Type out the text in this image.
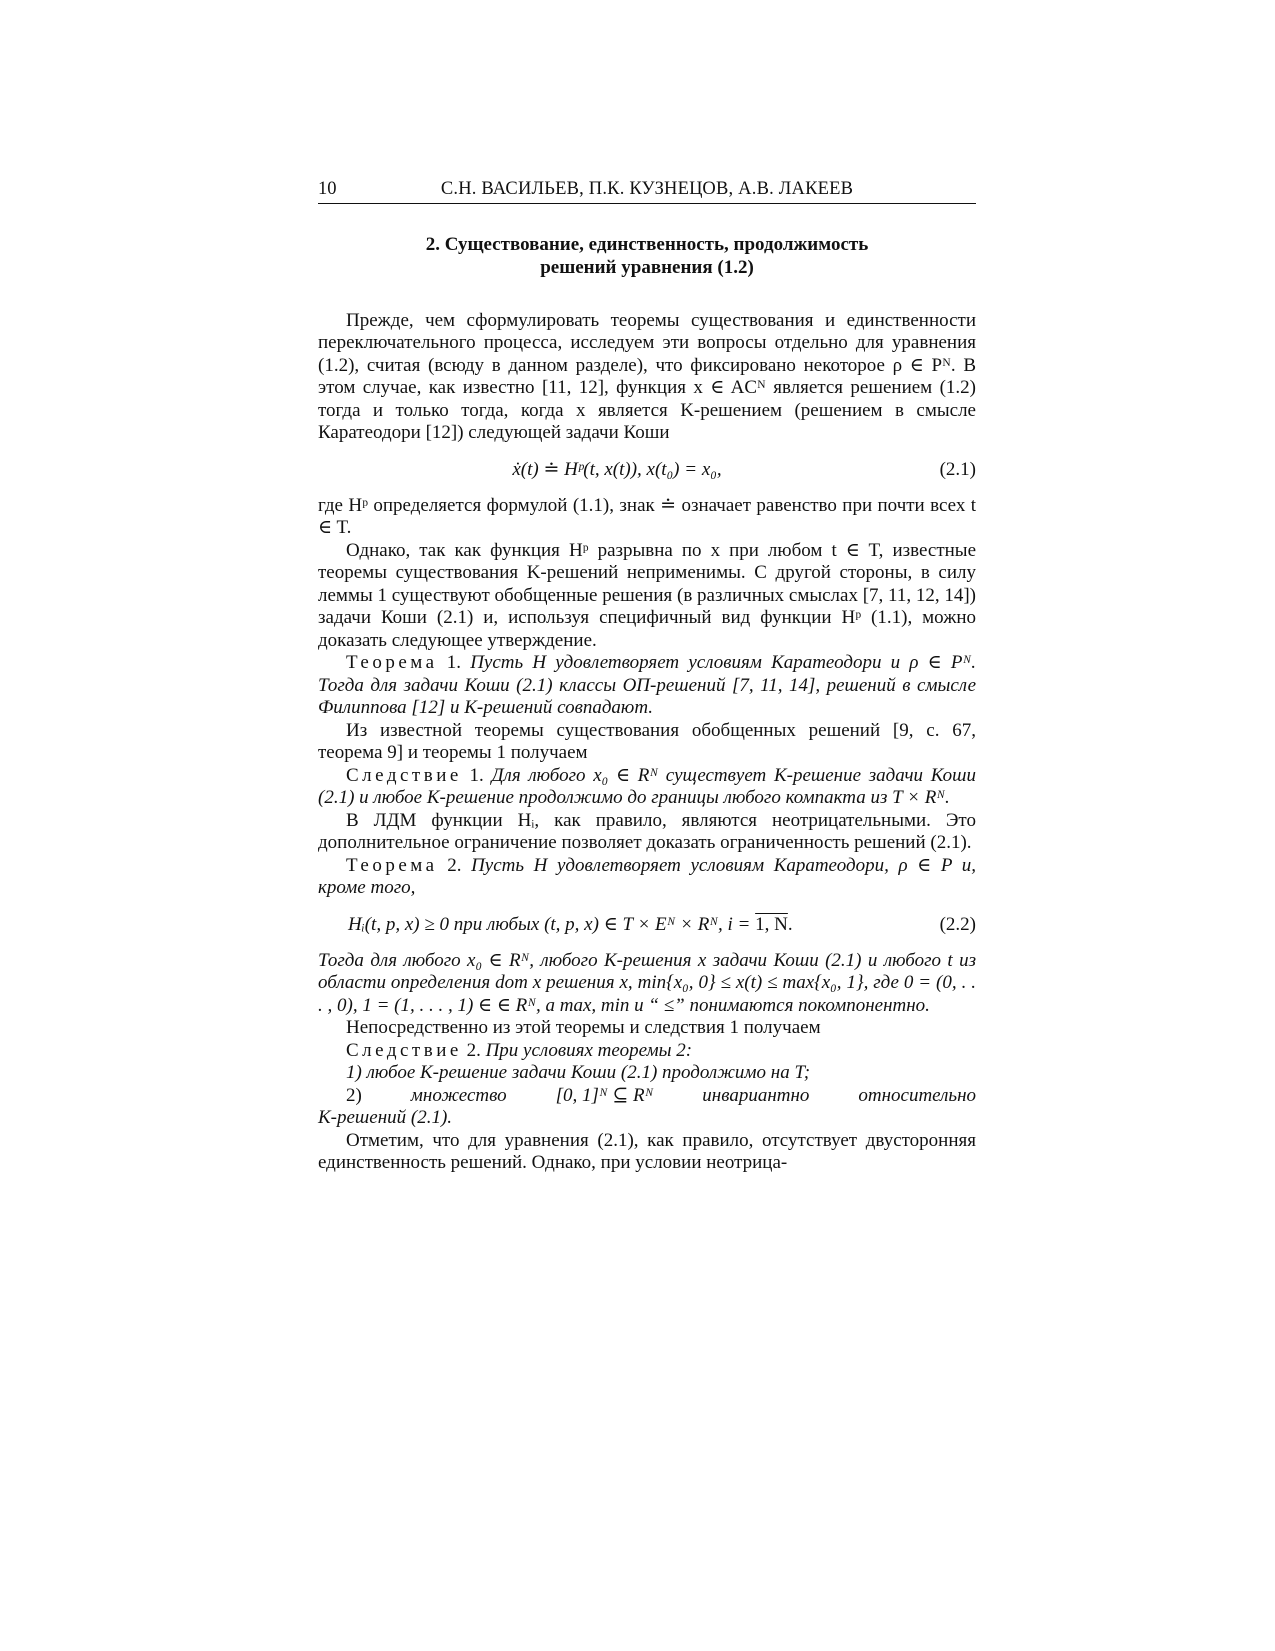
10	С.Н. ВАСИЛЬЕВ, П.К. КУЗНЕЦОВ, А.В. ЛАКЕЕВ
2. Существование, единственность, продолжимость
решений уравнения (1.2)

Прежде, чем сформулировать теоремы существования и единственности переключательного процесса, исследуем эти вопросы отдельно для уравнения (1.2), считая (всюду в данном разделе), что фиксировано некоторое ρ ∈ Pᴺ. В этом случае, как известно [11, 12], функция x ∈ ACᴺ является решением (1.2) тогда и только тогда, когда x является K-решением (решением в смысле Каратеодори [12]) следующей задачи Коши

ẋ(t) ≐ Hᵖ(t, x(t)), x(t₀) = x₀,	(2.1)

где Hᵖ определяется формулой (1.1), знак ≐ означает равенство при почти всех t ∈ T.

Однако, так как функция Hᵖ разрывна по x при любом t ∈ T, известные теоремы существования K-решений неприменимы. С другой стороны, в силу леммы 1 существуют обобщенные решения (в различных смыслах [7, 11, 12, 14]) задачи Коши (2.1) и, используя специфичный вид функции Hᵖ (1.1), можно доказать следующее утверждение.

Теорема 1. Пусть H удовлетворяет условиям Каратеодори и ρ ∈ Pᴺ. Тогда для задачи Коши (2.1) классы OП-решений [7, 11, 14], решений в смысле Филиппова [12] и K-решений совпадают.

Из известной теоремы существования обобщенных решений [9, с. 67, теорема 9] и теоремы 1 получаем

Следствие 1. Для любого x₀ ∈ Rᴺ существует K-решение задачи Коши (2.1) и любое K-решение продолжимо до границы любого компакта из T × Rᴺ.

В ЛДМ функции Hᵢ, как правило, являются неотрицательными. Это дополнительное ограничение позволяет доказать ограниченность решений (2.1).

Теорема 2. Пусть H удовлетворяет условиям Каратеодори, ρ ∈ P и, кроме того,

Hᵢ(t, p, x) ≥ 0 при любых (t, p, x) ∈ T × Eᴺ × Rᴺ, i = 1, N.	(2.2)

Тогда для любого x₀ ∈ Rᴺ, любого K-решения x задачи Коши (2.1) и любого t из области определения dom x решения x, min{x₀, 0} ≤ x(t) ≤ max{x₀, 1}, где 0 = (0, . . . , 0), 1 = (1, . . . , 1) ∈ ∈ Rᴺ, а max, min и “ ≤” понимаются покомпонентно.

Непосредственно из этой теоремы и следствия 1 получаем

Следствие 2. При условиях теоремы 2:

1) любое K-решение задачи Коши (2.1) продолжимо на T;

2)	множество	[0, 1]ᴺ ⊆ Rᴺ	инвариантно	относительно

K-решений (2.1).

Отметим, что для уравнения (2.1), как правило, отсутствует двусторонняя единственность решений. Однако, при условии неотрица-
